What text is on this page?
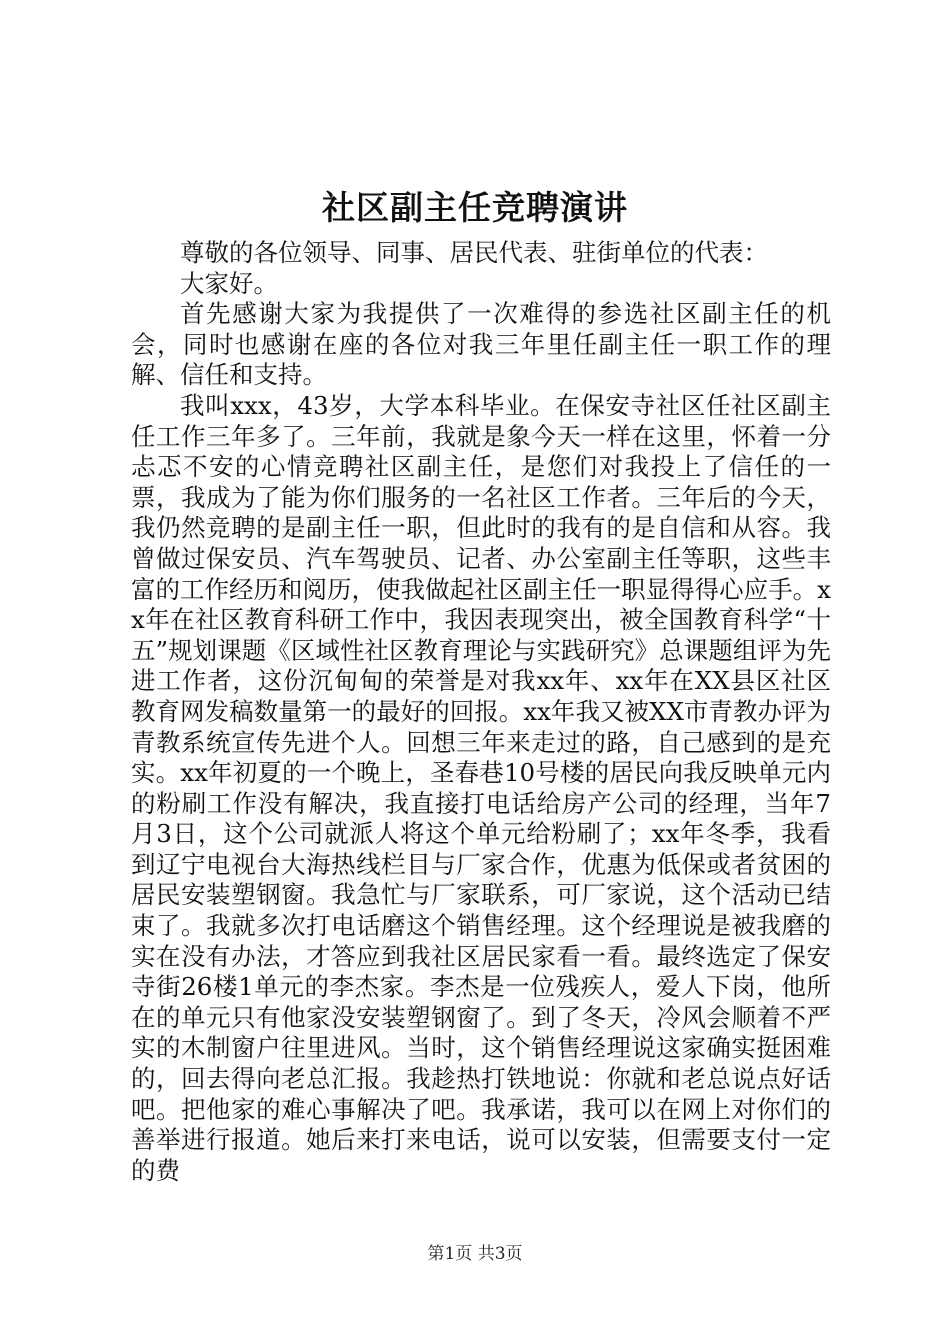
社区副主任竞聘演讲

尊敬的各位领导、同事、居民代表、驻街单位的代表：

大家好。

首先感谢大家为我提供了一次难得的参选社区副主任的机会，同时也感谢在座的各位对我三年里任副主任一职工作的理解、信任和支持。

我叫xxx，43岁，大学本科毕业。在保安寺社区任社区副主任工作三年多了。三年前，我就是象今天一样在这里，怀着一分忐忑不安的心情竞聘社区副主任，是您们对我投上了信任的一票，我成为了能为你们服务的一名社区工作者。三年后的今天，我仍然竞聘的是副主任一职，但此时的我有的是自信和从容。我曾做过保安员、汽车驾驶员、记者、办公室副主任等职，这些丰富的工作经历和阅历，使我做起社区副主任一职显得得心应手。xx年在社区教育科研工作中，我因表现突出，被全国教育科学“十五”规划课题《区域性社区教育理论与实践研究》总课题组评为先进工作者，这份沉甸甸的荣誉是对我xx年、xx年在XX县区社区教育网发稿数量第一的最好的回报。xx年我又被XX市青教办评为青教系统宣传先进个人。回想三年来走过的路，自己感到的是充实。xx年初夏的一个晚上，圣春巷10号楼的居民向我反映单元内的粉刷工作没有解决，我直接打电话给房产公司的经理，当年7月3日，这个公司就派人将这个单元给粉刷了；xx年冬季，我看到辽宁电视台大海热线栏目与厂家合作，优惠为低保或者贫困的居民安装塑钢窗。我急忙与厂家联系，可厂家说，这个活动已结束了。我就多次打电话磨这个销售经理。这个经理说是被我磨的实在没有办法，才答应到我社区居民家看一看。最终选定了保安寺街26楼1单元的李杰家。李杰是一位残疾人，爱人下岗，他所在的单元只有他家没安装塑钢窗了。到了冬天，冷风会顺着不严实的木制窗户往里进风。当时，这个销售经理说这家确实挺困难的，回去得向老总汇报。我趁热打铁地说：你就和老总说点好话吧。把他家的难心事解决了吧。我承诺，我可以在网上对你们的善举进行报道。她后来打来电话，说可以安装，但需要支付一定的费

第1页 共3页
